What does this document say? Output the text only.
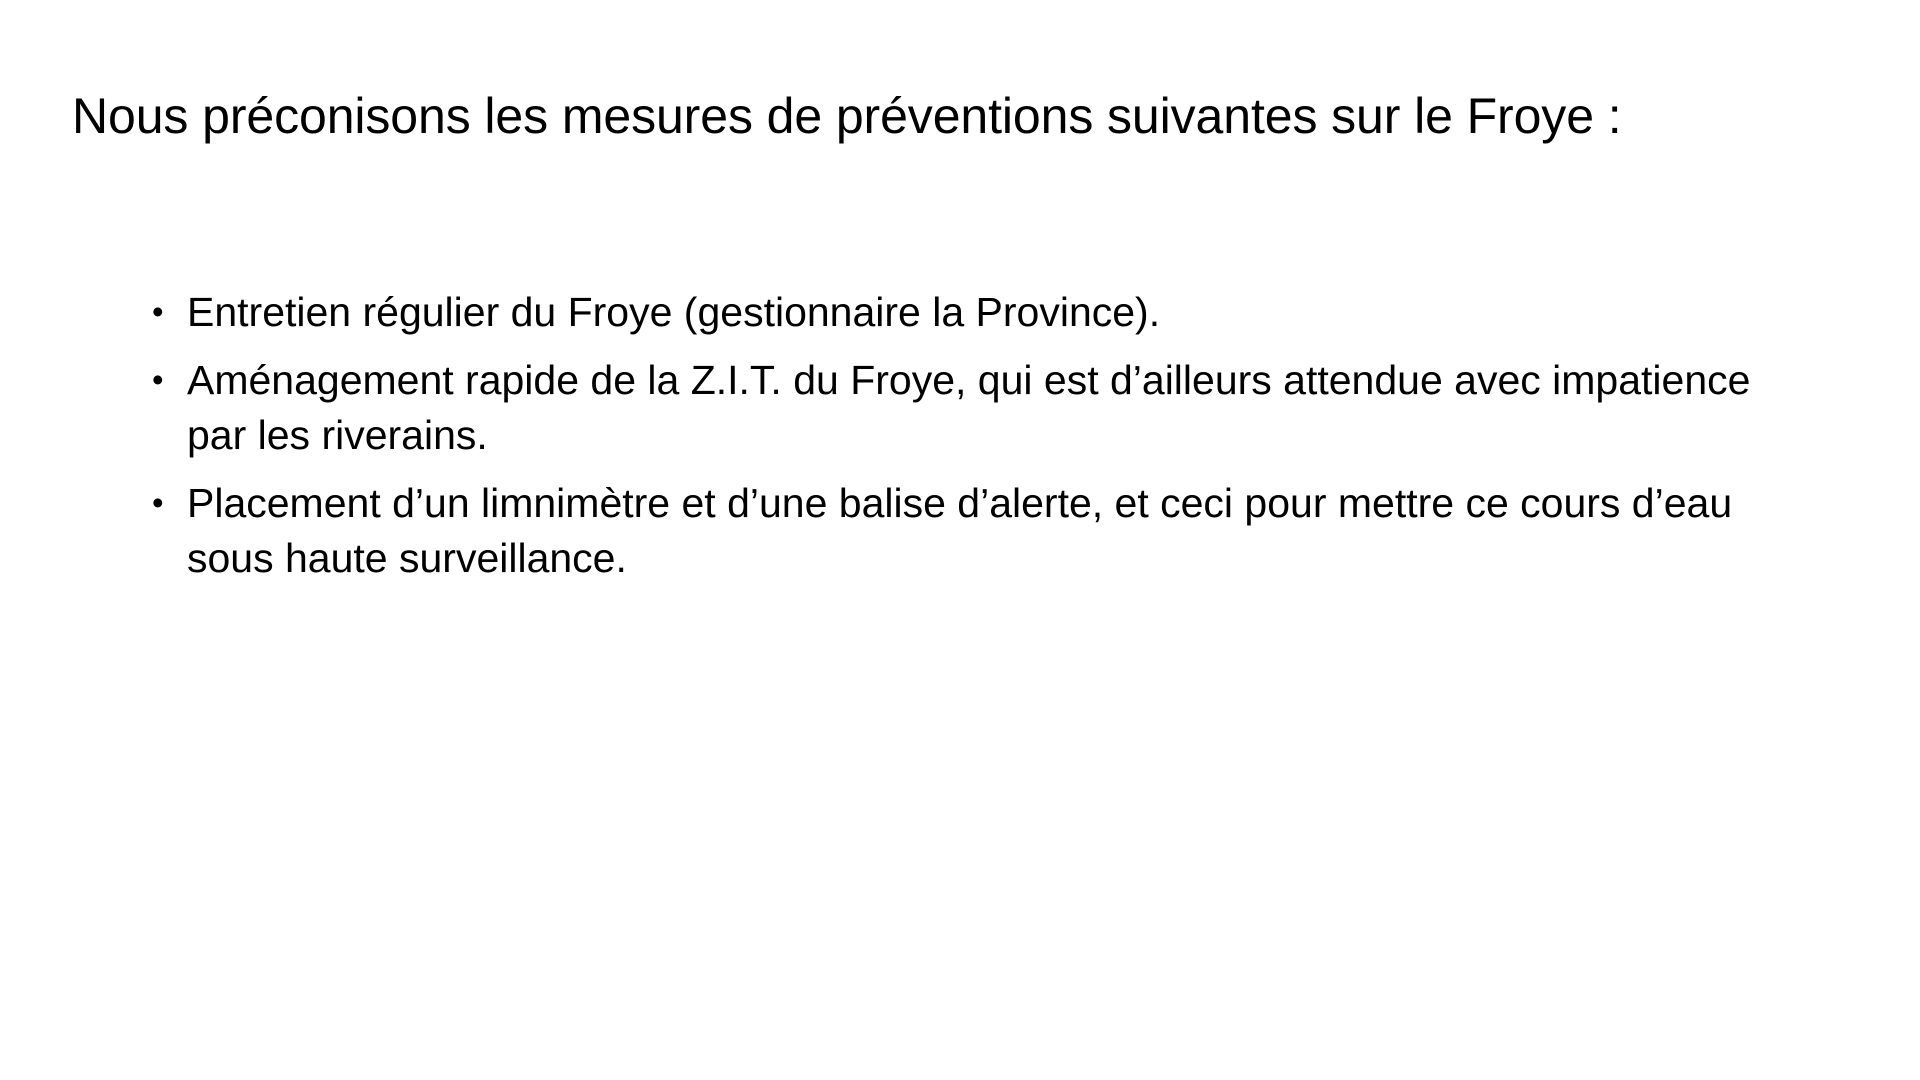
Nous préconisons les mesures de préventions suivantes sur le Froye :
• Entretien régulier du Froye (gestionnaire la Province).
• Aménagement rapide de la Z.I.T. du Froye, qui est d’ailleurs attendue avec impatience par les riverains.
• Placement d’un limnimètre et d’une balise d’alerte, et ceci pour mettre ce cours d’eau sous haute surveillance.
